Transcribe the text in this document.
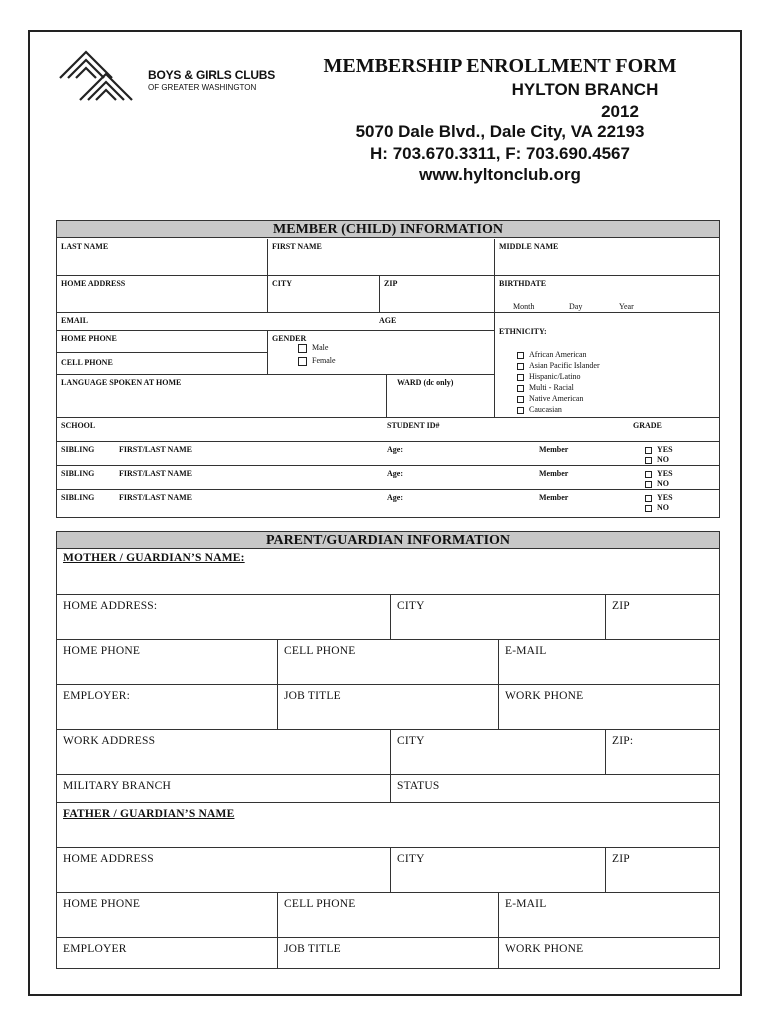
BOYS & GIRLS CLUBS
OF GREATER WASHINGTON
MEMBERSHIP ENROLLMENT FORM
HYLTON BRANCH
2012
5070 Dale Blvd., Dale City, VA 22193
H: 703.670.3311, F: 703.690.4567
www.hyltonclub.org
MEMBER (CHILD) INFORMATION
LAST NAME	FIRST NAME	MIDDLE NAME
HOME ADDRESS	CITY	ZIP	BIRTHDATE
Month	Day	Year
EMAIL	AGE
ETHNICITY:
African American
Asian Pacific Islander
Hispanic/Latino
Multi - Racial
Native American
Caucasian
HOME PHONE	GENDER
Male
Female
CELL PHONE
LANGUAGE SPOKEN AT HOME	WARD (dc only)
SCHOOL	STUDENT ID#	GRADE
SIBLING	FIRST/LAST NAME	Age:	Member	YES
NO
SIBLING	FIRST/LAST NAME	Age:	Member	YES
NO
SIBLING	FIRST/LAST NAME	Age:	Member	YES
NO
PARENT/GUARDIAN INFORMATION
MOTHER / GUARDIAN’S NAME:
HOME ADDRESS:	CITY	ZIP
HOME PHONE	CELL PHONE	E-MAIL
EMPLOYER:	JOB TITLE	WORK PHONE
WORK ADDRESS	CITY	ZIP:
MILITARY BRANCH	STATUS
FATHER / GUARDIAN’S NAME
HOME ADDRESS	CITY	ZIP
HOME PHONE	CELL PHONE	E-MAIL
EMPLOYER	JOB TITLE	WORK PHONE
